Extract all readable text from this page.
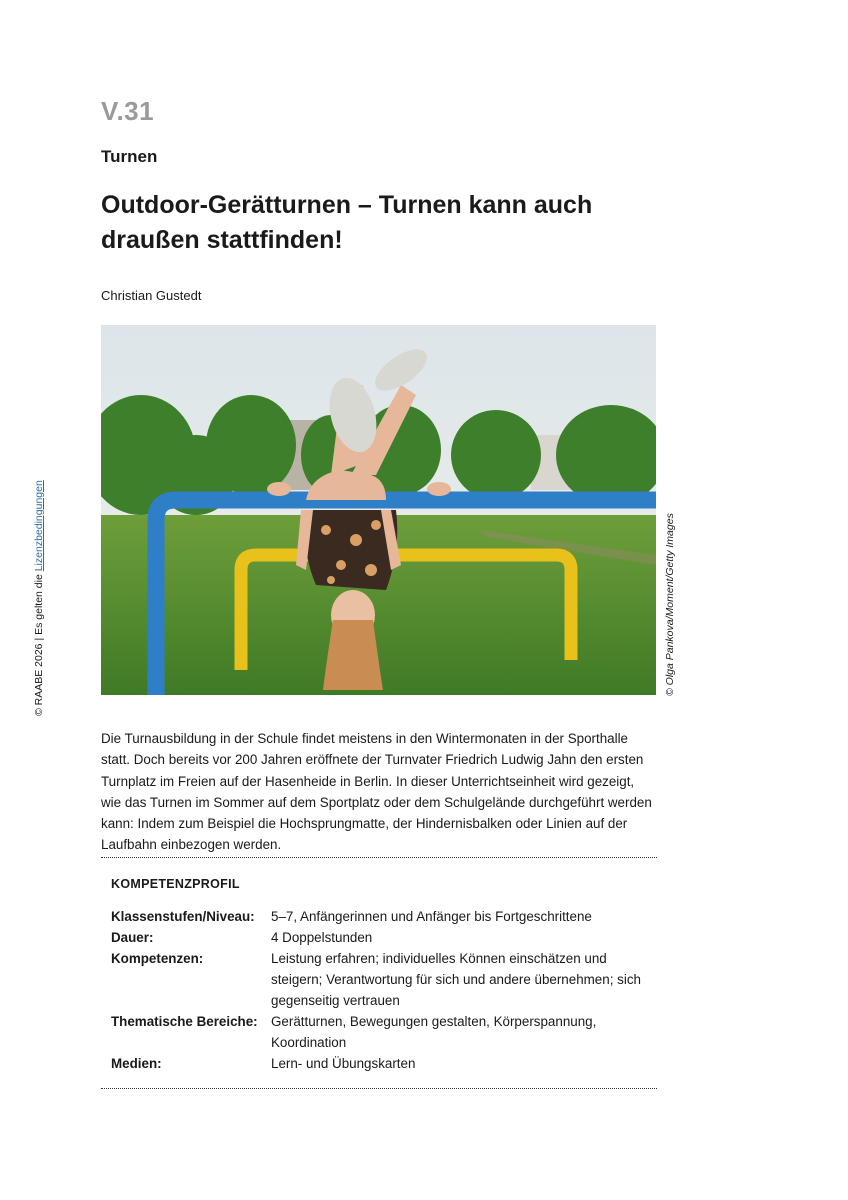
V.31
Turnen
Outdoor-Gerätturnen – Turnen kann auch draußen stattfinden!
Christian Gustedt
© RAABE 2026 | Es gelten die Lizenzbedingungen	© Olga Pankova/Moment/Getty Images

Die Turnausbildung in der Schule findet meistens in den Wintermonaten in der Sporthalle statt. Doch bereits vor 200 Jahren eröffnete der Turnvater Friedrich Ludwig Jahn den ersten Turnplatz im Freien auf der Hasenheide in Berlin. In dieser Unterrichtseinheit wird gezeigt, wie das Turnen im Sommer auf dem Sportplatz oder dem Schulgelände durchgeführt werden kann: Indem zum Beispiel die Hochsprungmatte, der Hindernisbalken oder Linien auf der Laufbahn einbezogen werden.

KOMPETENZPROFIL
Klassenstufen/Niveau:	5–7, Anfängerinnen und Anfänger bis Fortgeschrittene
Dauer:	4 Doppelstunden
Kompetenzen:	Leistung erfahren; individuelles Können einschätzen und steigern; Verantwortung für sich und andere übernehmen; sich gegenseitig vertrauen
Thematische Bereiche:	Gerätturnen, Bewegungen gestalten, Körperspannung, Koordination
Medien:	Lern- und Übungskarten
